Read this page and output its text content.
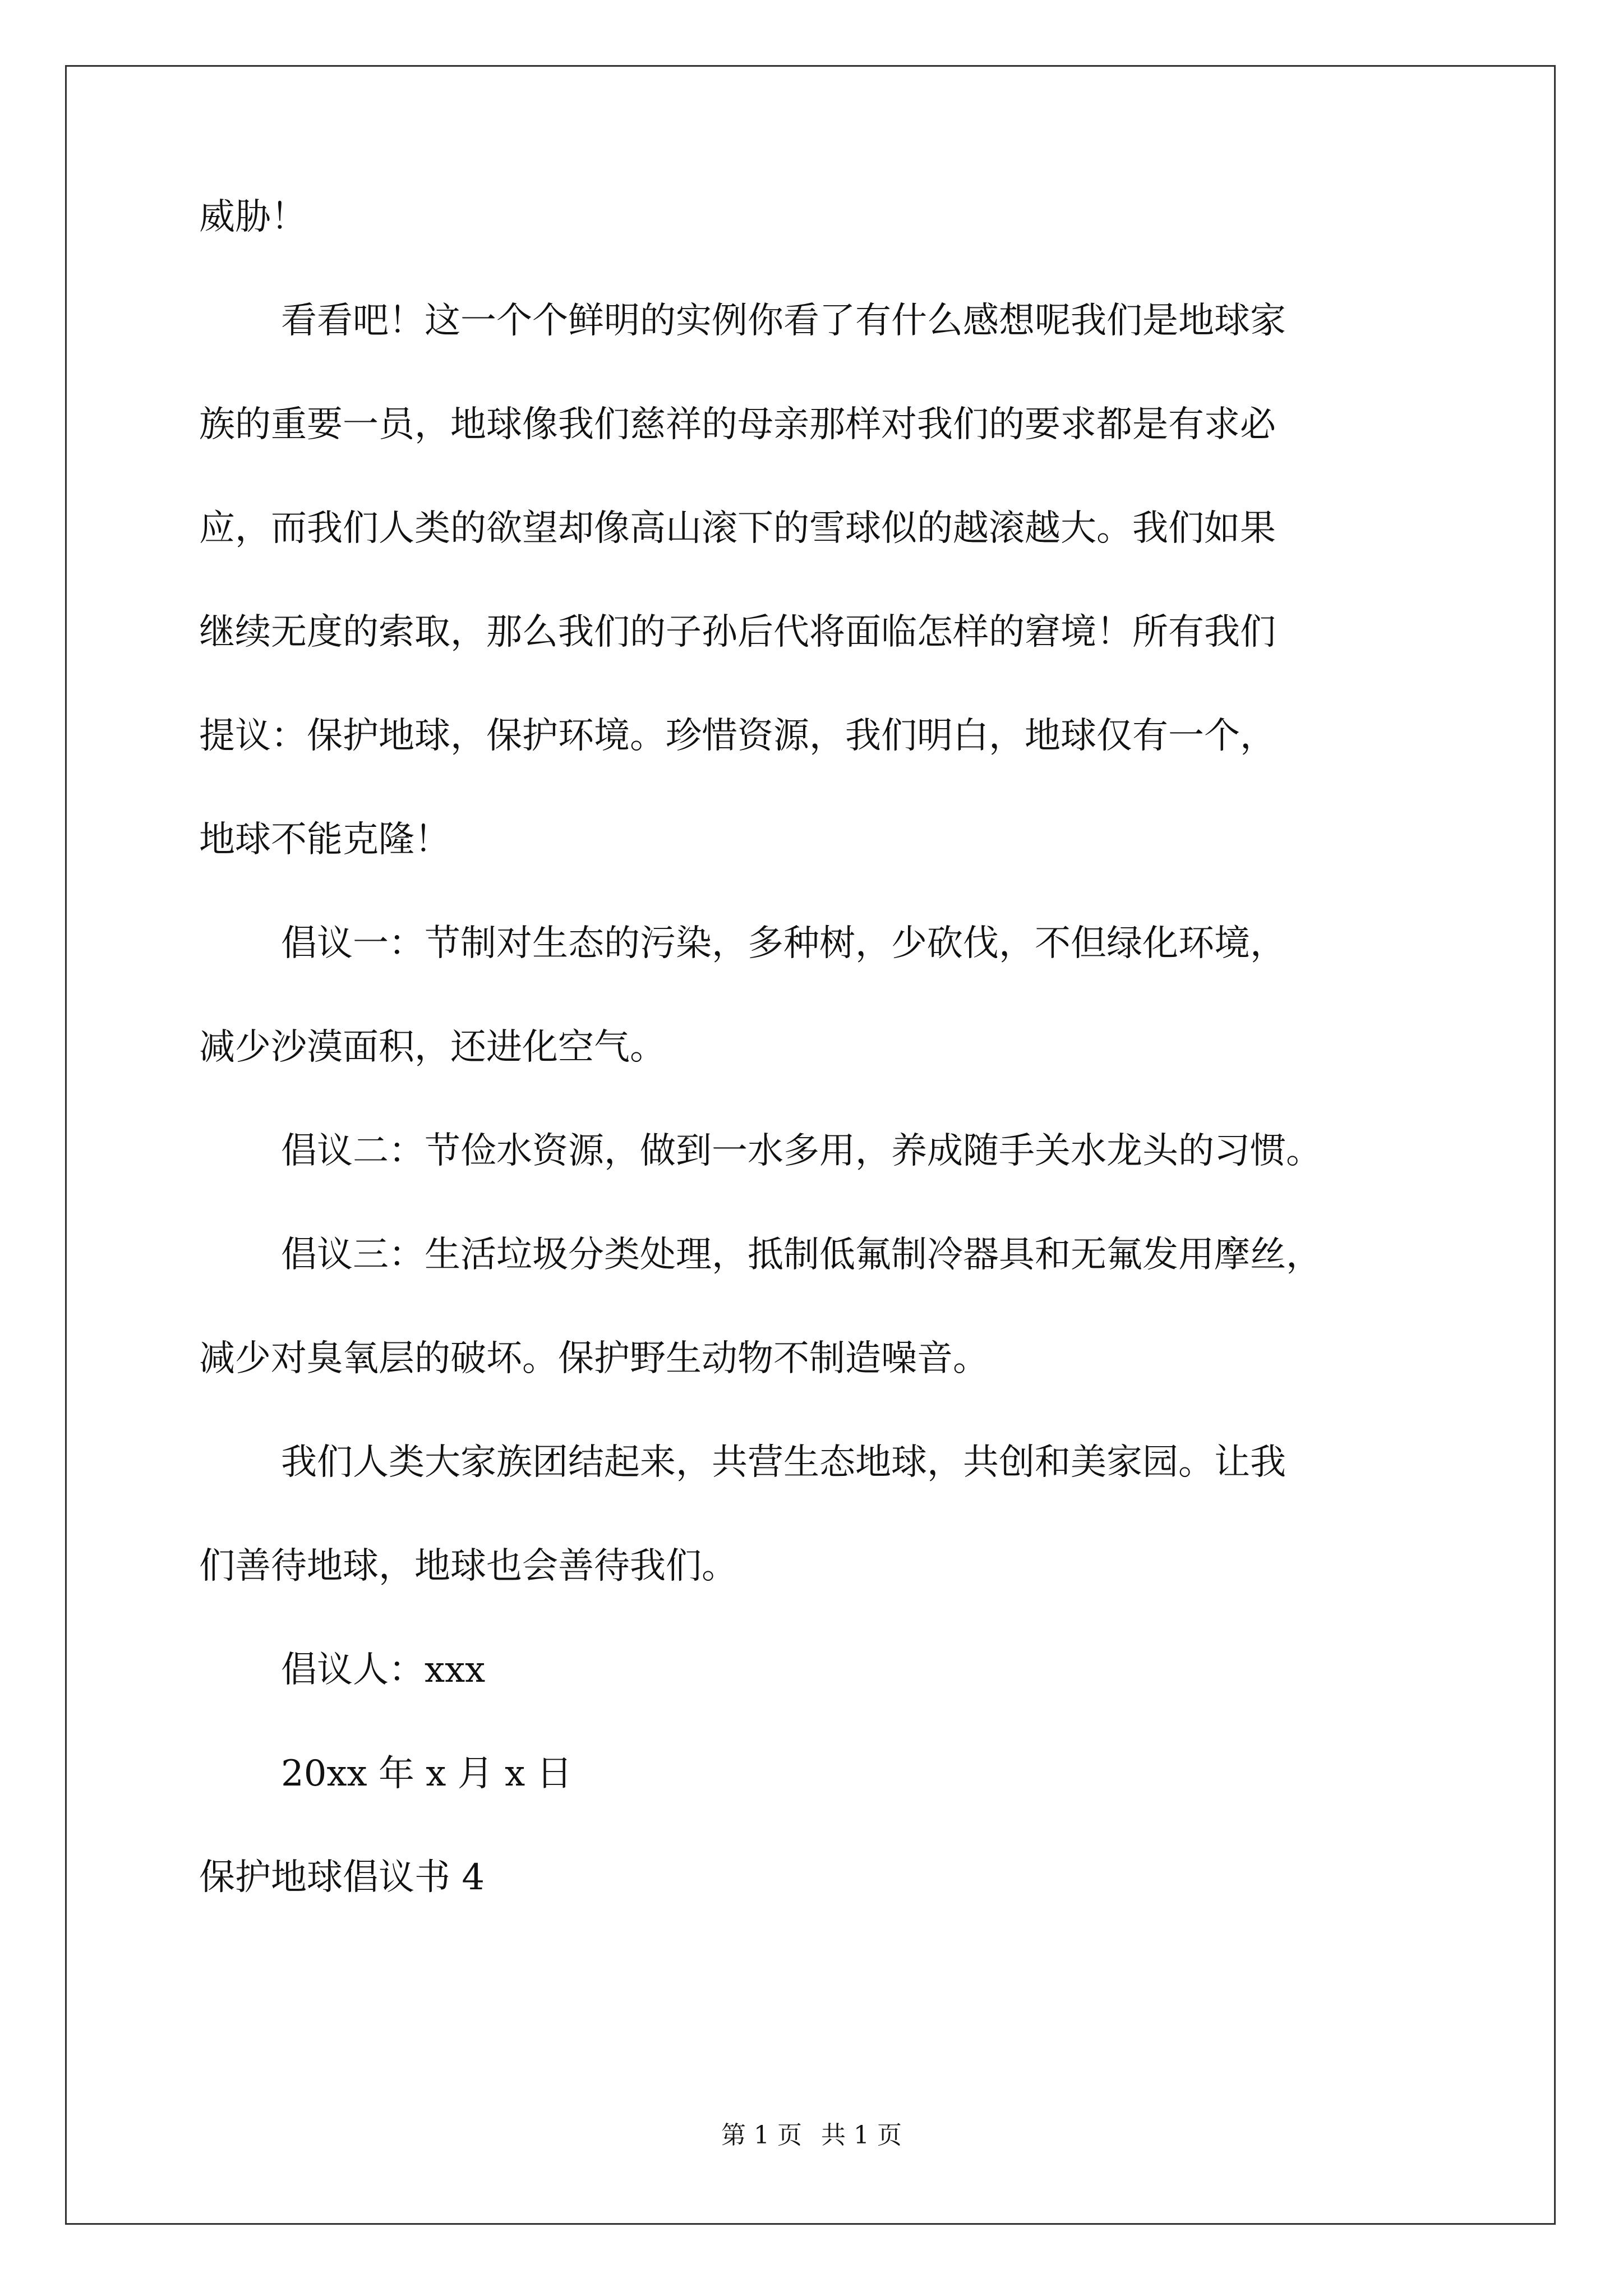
威胁！

看看吧！这一个个鲜明的实例你看了有什么感想呢我们是地球家

族的重要一员，地球像我们慈祥的母亲那样对我们的要求都是有求必

应，而我们人类的欲望却像高山滚下的雪球似的越滚越大。我们如果

继续无度的索取，那么我们的子孙后代将面临怎样的窘境！所有我们

提议：保护地球，保护环境。珍惜资源，我们明白，地球仅有一个，

地球不能克隆！

倡议一：节制对生态的污染，多种树，少砍伐，不但绿化环境，

减少沙漠面积，还进化空气。

倡议二：节俭水资源，做到一水多用，养成随手关水龙头的习惯。

倡议三：生活垃圾分类处理，抵制低氟制冷器具和无氟发用摩丝，

减少对臭氧层的破坏。保护野生动物不制造噪音。

我们人类大家族团结起来，共营生态地球，共创和美家园。让我

们善待地球，地球也会善待我们。

倡议人：xxx

20xx 年 x 月 x 日

保护地球倡议书 4

第 1 页 共 1 页
